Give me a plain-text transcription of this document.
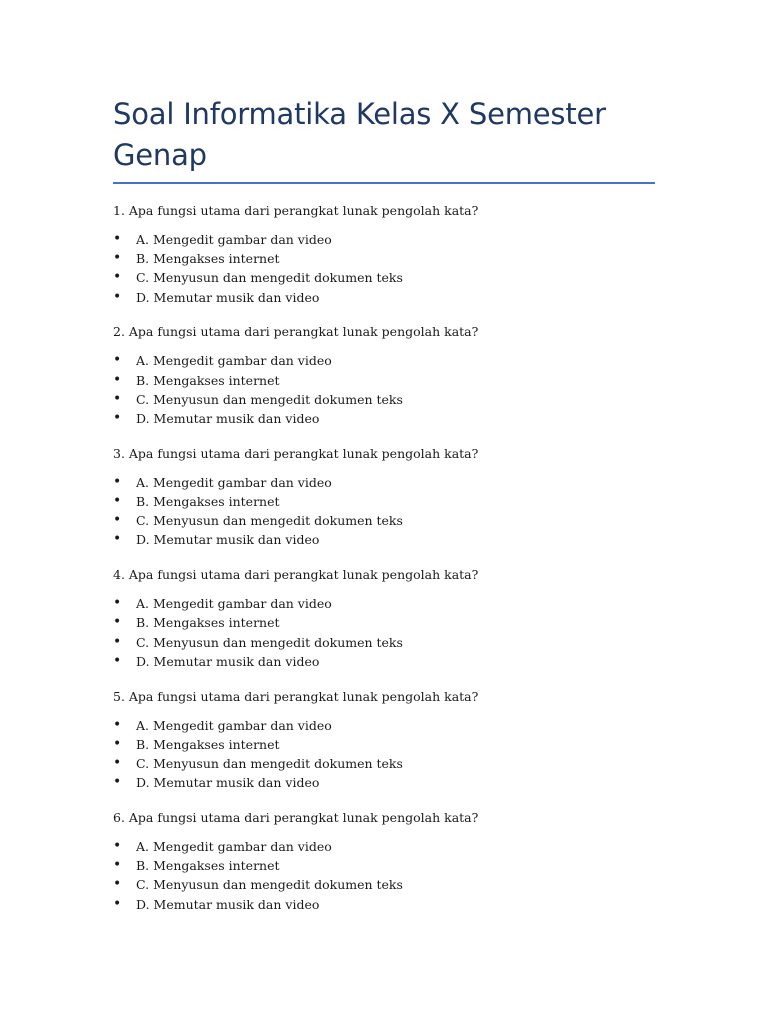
Soal Informatika Kelas X Semester Genap

1. Apa fungsi utama dari perangkat lunak pengolah kata?

• A. Mengedit gambar dan video
• B. Mengakses internet
• C. Menyusun dan mengedit dokumen teks
• D. Memutar musik dan video

2. Apa fungsi utama dari perangkat lunak pengolah kata?

• A. Mengedit gambar dan video
• B. Mengakses internet
• C. Menyusun dan mengedit dokumen teks
• D. Memutar musik dan video

3. Apa fungsi utama dari perangkat lunak pengolah kata?

• A. Mengedit gambar dan video
• B. Mengakses internet
• C. Menyusun dan mengedit dokumen teks
• D. Memutar musik dan video

4. Apa fungsi utama dari perangkat lunak pengolah kata?

• A. Mengedit gambar dan video
• B. Mengakses internet
• C. Menyusun dan mengedit dokumen teks
• D. Memutar musik dan video

5. Apa fungsi utama dari perangkat lunak pengolah kata?

• A. Mengedit gambar dan video
• B. Mengakses internet
• C. Menyusun dan mengedit dokumen teks
• D. Memutar musik dan video

6. Apa fungsi utama dari perangkat lunak pengolah kata?

• A. Mengedit gambar dan video
• B. Mengakses internet
• C. Menyusun dan mengedit dokumen teks
• D. Memutar musik dan video
